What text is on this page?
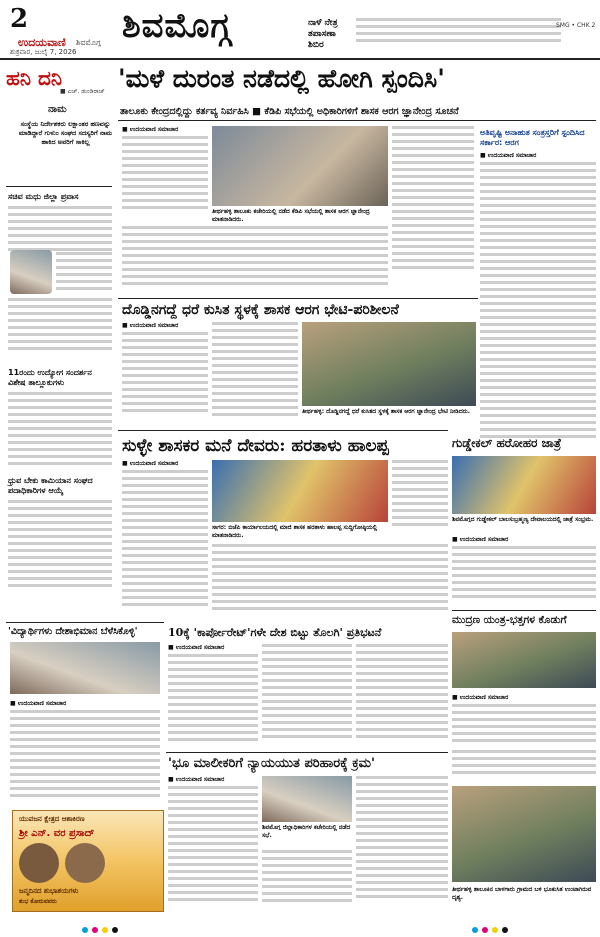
2
ಉದಯವಾಣಿ ಶಿವಮೊಗ್ಗ
ಶುಕ್ರವಾರ, ಜುಲೈ 7, 2026
ಶಿವಮೊಗ್ಗ	ನಾಳೆ ನೇತ್ರ
ತಪಾಸಣಾ
ಶಿಬಿರ
SMG • CHK 2
ಹನಿ ದನಿ
■ ಎಚ್. ಡುಂಡಿರಾಜ್
ನಾಮ
ಸಂಸ್ಥೆಯ ನಿರ್ದೇಶಕರು ಲಕ್ಷಾಂತರ ಹಣವನ್ನು ಮಾಡಿದ್ದಾರೆ ಗುಳುಂ ಸಂಘದ ಸದಸ್ಯರಿಗೆ ನಾಮ ಹಾಕಿದ ಅವರಿಗೆ ಸಾಕಿಲ್ಲ
'ಮಳೆ ದುರಂತ ನಡೆದಲ್ಲಿ ಹೋಗಿ ಸ್ಪಂದಿಸಿ'
ತಾಲೂಕು ಕೇಂದ್ರದಲ್ಲಿದ್ದು ಕರ್ತವ್ಯ ನಿರ್ವಹಿಸಿ ■ ಕೆಡಿಪಿ ಸಭೆಯಲ್ಲಿ ಅಧಿಕಾರಿಗಳಿಗೆ ಶಾಸಕ ಆರಗ ಜ್ಞಾನೇಂದ್ರ ಸೂಚನೆ
ಸಚಿವ ಮಧು ಜಿಲ್ಲಾ ಪ್ರವಾಸ
11ರಂದು ಉದ್ಯೋಗ ಸಂದರ್ಶನ ವಿಶೇಷ ತಾಲ್ಲೂಕುಗಳು
ಧ್ರುವ ಬೇಕು ಕಾಮಿಯಾನ ಸಂಘದ ಪದಾಧಿಕಾರಿಗಳ ಆಯ್ಕೆ
■ ಉದಯವಾಣಿ ಸಮಾಚಾರ
ತೀರ್ಥಹಳ್ಳಿ ತಾಲೂಕು ಕಚೇರಿಯಲ್ಲಿ ನಡೆದ ಕೆಡಿಪಿ ಸಭೆಯಲ್ಲಿ ಶಾಸಕ ಆರಗ ಜ್ಞಾನೇಂದ್ರ ಮಾತನಾಡಿದರು.
ಅತಿವೃಷ್ಟಿ ಅನಾಹುತ ಸಂತ್ರಸ್ತರಿಗೆ ಸ್ಪಂದಿಸಿದ ಸರ್ಕಾರ: ಆರಗ
■ ಉದಯವಾಣಿ ಸಮಾಚಾರ
ದೊಡ್ಡಿನಗದ್ದೆ ಧರೆ ಕುಸಿತ ಸ್ಥಳಕ್ಕೆ ಶಾಸಕ ಆರಗ ಭೇಟಿ-ಪರಿಶೀಲನೆ
■ ಉದಯವಾಣಿ ಸಮಾಚಾರ
ತೀರ್ಥಹಳ್ಳಿ: ದೊಡ್ಡಿನಗದ್ದೆ ಧರೆ ಕುಸಿತದ ಸ್ಥಳಕ್ಕೆ ಶಾಸಕ ಆರಗ ಜ್ಞಾನೇಂದ್ರ ಭೇಟಿ ನೀಡಿದರು.
ಸುಳ್ಳೇ ಶಾಸಕರ ಮನೆ ದೇವರು: ಹರತಾಳು ಹಾಲಪ್ಪ
■ ಉದಯವಾಣಿ ಸಮಾಚಾರ
ಸಾಗರ: ಬಿಜೆಪಿ ಕಾರ್ಯಾಲಯದಲ್ಲಿ ಮಾಜಿ ಶಾಸಕ ಹರತಾಳು ಹಾಲಪ್ಪ ಸುದ್ದಿಗೋಷ್ಠಿಯಲ್ಲಿ ಮಾತನಾಡಿದರು.
ಗುಡ್ಡೇಕಲ್ ಹರೋಹರ ಜಾತ್ರೆ
ಶಿವಮೊಗ್ಗದ ಗುಡ್ಡೇಕಲ್ ಬಾಲಸುಬ್ರಹ್ಮಣ್ಯ ದೇವಾಲಯದಲ್ಲಿ ಜಾತ್ರೆ ಸಂಭ್ರಮ.
■ ಉದಯವಾಣಿ ಸಮಾಚಾರ
'ವಿದ್ಯಾರ್ಥಿಗಳು ದೇಶಾಭಿಮಾನ ಬೆಳೆಸಿಕೊಳ್ಳಿ'
■ ಉದಯವಾಣಿ ಸಮಾಚಾರ
10ಕ್ಕೆ 'ಕಾರ್ಪೋರೇಟ್'ಗಳೇ ದೇಶ ಬಿಟ್ಟು ತೊಲಗಿ' ಪ್ರತಿಭಟನೆ
■ ಉದಯವಾಣಿ ಸಮಾಚಾರ
ಮುದ್ರಣ ಯಂತ್ರ-ಭತ್ತಗಳ ಕೊಡುಗೆ
■ ಉದಯವಾಣಿ ಸಮಾಚಾರ
'ಭೂ ಮಾಲೀಕರಿಗೆ ನ್ಯಾಯಯುತ ಪರಿಹಾರಕ್ಕೆ ಕ್ರಮ'
■ ಉದಯವಾಣಿ ಸಮಾಚಾರ
ಶಿವಮೊಗ್ಗ ಜಿಲ್ಲಾಧಿಕಾರಿಗಳ ಕಚೇರಿಯಲ್ಲಿ ನಡೆದ ಸಭೆ.
ತೀರ್ಥಹಳ್ಳಿ ತಾಲೂಕಿನ ಬಾಳಗಾರು ಗ್ರಾಮದ ಬಳಿ ಭೂಕುಸಿತ ಉಂಟಾಗಿರುವ ದೃಶ್ಯ.
ಯುವಜನ ಕ್ಷೇತ್ರದ ಆಶಾಕಿರಣ
ಶ್ರೀ ಎನ್. ವರ ಪ್ರಸಾದ್
ಜನ್ಮದಿನದ ಶುಭಾಶಯಗಳು
ಶುಭ ಕೋರುವವರು
